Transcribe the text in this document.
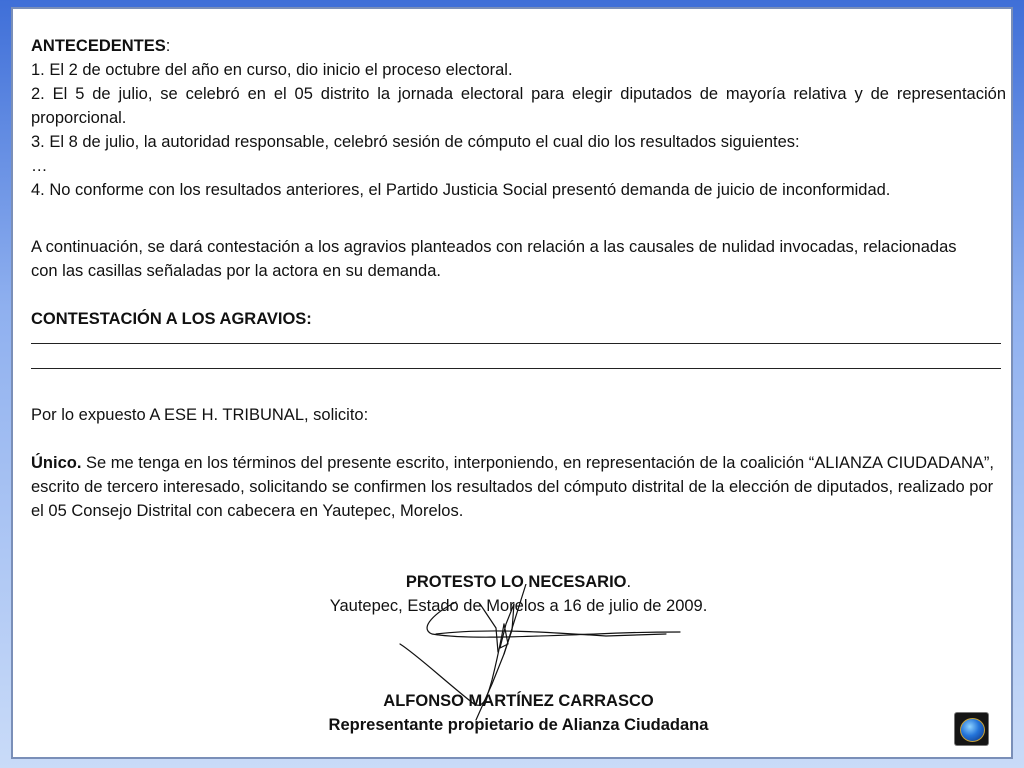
ANTECEDENTES:

1. El 2 de octubre del año en curso, dio inicio el proceso electoral.

2. El 5 de julio, se celebró en el 05 distrito la jornada electoral para elegir diputados de mayoría relativa y de representación proporcional.

3. El 8 de julio, la autoridad responsable, celebró sesión de cómputo el cual dio los resultados siguientes:

…

4. No conforme con los resultados anteriores, el Partido Justicia Social presentó demanda de juicio de inconformidad.

A continuación, se dará contestación a los agravios planteados con relación a las causales de nulidad invocadas, relacionadas con las casillas señaladas por la actora en su demanda.

CONTESTACIÓN A LOS AGRAVIOS:
Por lo expuesto A ESE H. TRIBUNAL, solicito:

Único. Se me tenga en los términos del presente escrito, interponiendo, en representación de la coalición “ALIANZA CIUDADANA”, escrito de tercero interesado, solicitando se confirmen los resultados del cómputo distrital de la elección de diputados, realizado por el 05 Consejo Distrital con cabecera en Yautepec, Morelos.

PROTESTO LO NECESARIO.

Yautepec, Estado de Morelos a 16 de julio de 2009.

ALFONSO MARTÍNEZ CARRASCO

Representante propietario de Alianza Ciudadana
